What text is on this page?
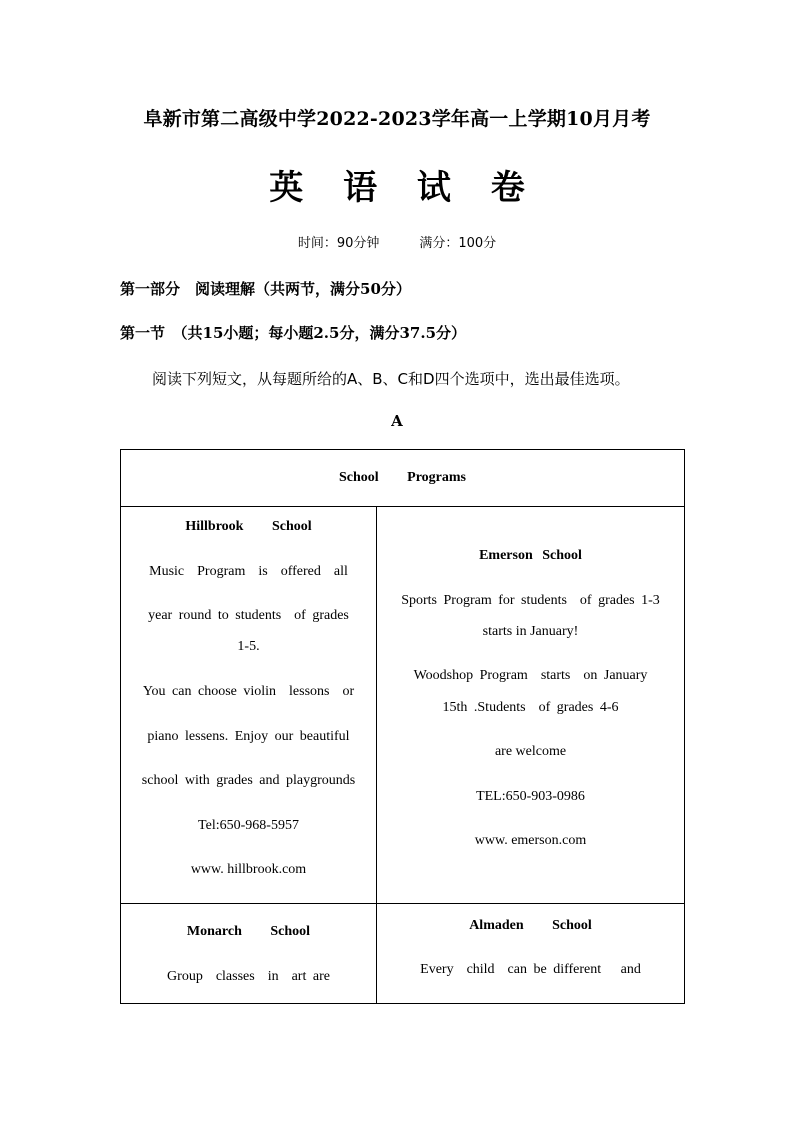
阜新市第二高级中学2022-2023学年高一上学期10月月考
英 语 试 卷
时间：90分钟	满分：100分
第一部分　阅读理解（共两节，满分50分）
第一节　（共15小题；每小题2.5分，满分37.5分）
阅读下列短文，从每题所给的A、B、C和D四个选项中，选出最佳选项。
A
School   Programs
Hillbrook   School
Music  Program  is  offered  all
year round to students  of grades
1-5.
You can choose violin  lessons  or
piano lessens. Enjoy our beautiful
school with grades and playgrounds
Tel:650-968-5957
www. hillbrook.com
Emerson School
Sports Program for students  of grades 1-3
starts in January!
Woodshop Program  starts  on January
15th .Students  of grades 4-6
are welcome
TEL:650-903-0986
www. emerson.com
Monarch   School
Group  classes  in  art are
Almaden   School
Every  child  can be different   and
